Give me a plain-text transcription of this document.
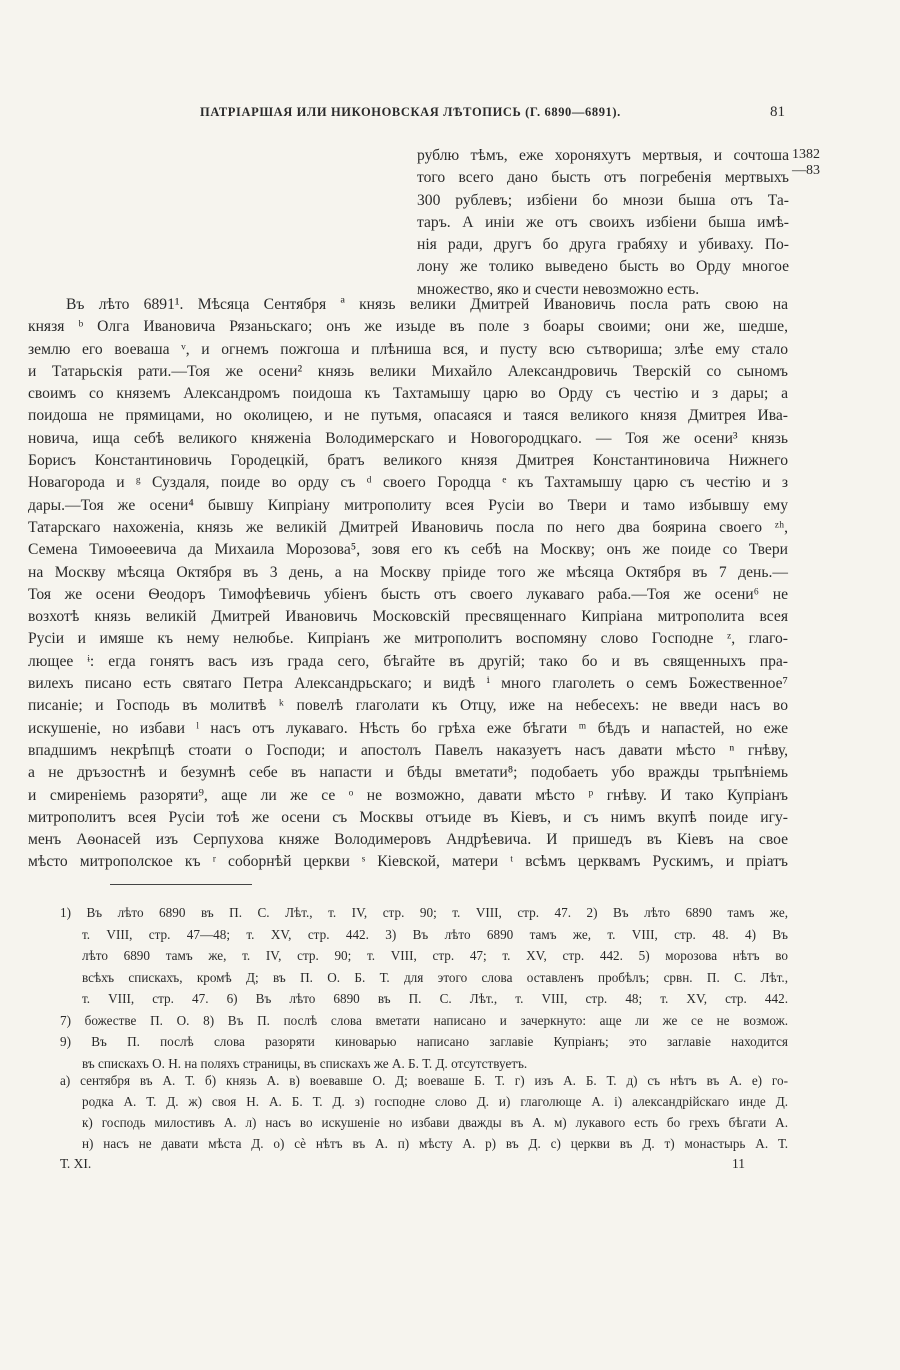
ПАТРІАРШАЯ ИЛИ НИКОНОВСКАЯ ЛѢТОПИСЬ (Г. 6890—6891).	81
1382
—83
рублю тѣмъ, еже хороняхутъ мертвыя, и сочтоша
того всего дано бысть отъ погребенія мертвыхъ
300 рублевъ; избіени бо мнози быша отъ Та-
таръ. А иніи же отъ своихъ избіени быша имѣ-
нія ради, другъ бо друга грабяху и убиваху. По-
лону же толико выведено бысть во Орду многое
множество, яко и счести невозможно есть.
Въ лѣто 6891¹. Мѣсяца Сентября ª князь велики Дмитрей Ивановичь посла рать свою на
князя ᵇ Олга Ивановича Рязаньскаго; онъ же изыде въ поле з боары своими; они же, шедше,
землю его воеваша ᵛ, и огнемъ пожгоша и плѣниша вся, и пусту всю сътвориша; злѣе ему стало
и Татарьскія рати.—Тоя же осени² князь велики Михайло Александровичь Тверскій со сыномъ
своимъ со княземъ Александромъ поидоша къ Тахтамышу царю во Орду съ честію и з дары; а
поидоша не прямицами, но околицею, и не путьмя, опасаяся и таяся великого князя Дмитрея Ива-
новича, ища себѣ великого княженіа Володимерскаго и Новогородцкаго. — Тоя же осени³ князь
Борисъ Константиновичь Городецкій, братъ великого князя Дмитрея Константиновича Нижнего
Новагорода и ᵍ Суздаля, поиде во орду съ ᵈ своего Городца ᵉ къ Тахтамышу царю съ честію и з
дары.—Тоя же осени⁴ бывшу Кипріану митрополиту всея Русіи во Твери и тамо избывшу ему
Татарскаго нахоженіа, князь же великій Дмитрей Ивановичь посла по него два боярина своего ᶻʰ,
Семена Тимоѳеевича да Михаила Морозова⁵, зовя его къ себѣ на Москву; онъ же поиде со Твери
на Москву мѣсяца Октября въ 3 день, а на Москву пріиде того же мѣсяца Октября въ 7 день.—
Тоя же осени Ѳеодоръ Тимофѣевичь убіенъ бысть отъ своего лукаваго раба.—Тоя же осени⁶ не
возхотѣ князь великій Дмитрей Ивановичь Московскій пресвященнаго Кипріана митрополита всея
Русіи и имяше къ нему нелюбье. Кипріанъ же митрополитъ воспомяну слово Господне ᶻ, глаго-
лющее ᶤ: егда гонятъ васъ изъ града сего, бѣгайте въ другій; тако бо и въ священныхъ пра-
вилехъ писано есть святаго Петра Александрьскаго; и видѣ ⁱ много глаголеть о семъ Божественное⁷
писаніе; и Господь въ молитвѣ ᵏ повелѣ глаголати къ Отцу, иже на небесехъ: не введи насъ во
искушеніе, но избави ˡ насъ отъ лукаваго. Нѣсть бо грѣха еже бѣгати ᵐ бѣдъ и напастей, но еже
впадшимъ некрѣпцѣ стоати о Господи; и апостолъ Павелъ наказуетъ насъ давати мѣсто ⁿ гнѣву,
а не дръзостнѣ и безумнѣ себе въ напасти и бѣды вметати⁸; подобаеть убо вражды трьпѣніемь
и смиреніемь разоряти⁹, аще ли же се ᵒ не возможно, давати мѣсто ᵖ гнѣву. И тако Купріанъ
митрополитъ всея Русіи тоѣ же осени съ Москвы отъиде въ Кіевъ, и съ нимъ вкупѣ поиде игу-
менъ Аѳонасей изъ Серпухова княже Володимеровъ Андрѣевича. И пришедъ въ Кіевъ на свое
мѣсто митрополское къ ʳ соборнѣй церкви ˢ Кіевской, матери ᵗ всѣмъ церквамъ Рускимъ, и пріатъ
1) Въ лѣто 6890 въ П. С. Лѣт., т. IV, стр. 90; т. VIII, стр. 47. 2) Въ лѣто 6890 тамъ же,
т. VIII, стр. 47—48; т. XV, стр. 442. 3) Въ лѣто 6890 тамъ же, т. VIII, стр. 48. 4) Въ
лѣто 6890 тамъ же, т. IV, стр. 90; т. VIII, стр. 47; т. XV, стр. 442. 5) морозова нѣтъ во
всѣхъ спискахъ, кромѣ Д; въ П. О. Б. Т. для этого слова оставленъ пробѣлъ; срвн. П. С. Лѣт.,
т. VIII, стр. 47. 6) Въ лѣто 6890 въ П. С. Лѣт., т. VIII, стр. 48; т. XV, стр. 442.
7) божестве П. О. 8) Въ П. послѣ слова вметати написано и зачеркнуто: аще ли же се не возмож.
9) Въ П. послѣ слова разоряти киноварью написано заглавіе Купріанъ; это заглавіе находится
въ спискахъ О. Н. на поляхъ страницы, въ спискахъ же А. Б. Т. Д. отсутствуетъ.
а) сентября въ А. Т. б) князь А. в) воевавше О. Д; воеваше Б. Т. г) изъ А. Б. Т. д) съ нѣтъ въ А. е) го-
родка А. Т. Д. ж) своя Н. А. Б. Т. Д. з) господне слово Д. и) глаголюще А. і) александрійскаго инде Д.
к) господь милостивъ А. л) насъ во искушеніе но избави дважды въ А. м) лукавого есть бо грехъ бѣгати А.
н) насъ не давати мѣста Д. о) сѐ нѣтъ въ А. п) мѣсту А. р) въ Д. с) церкви въ Д. т) монастырь А. Т.
Т. XI.	11
